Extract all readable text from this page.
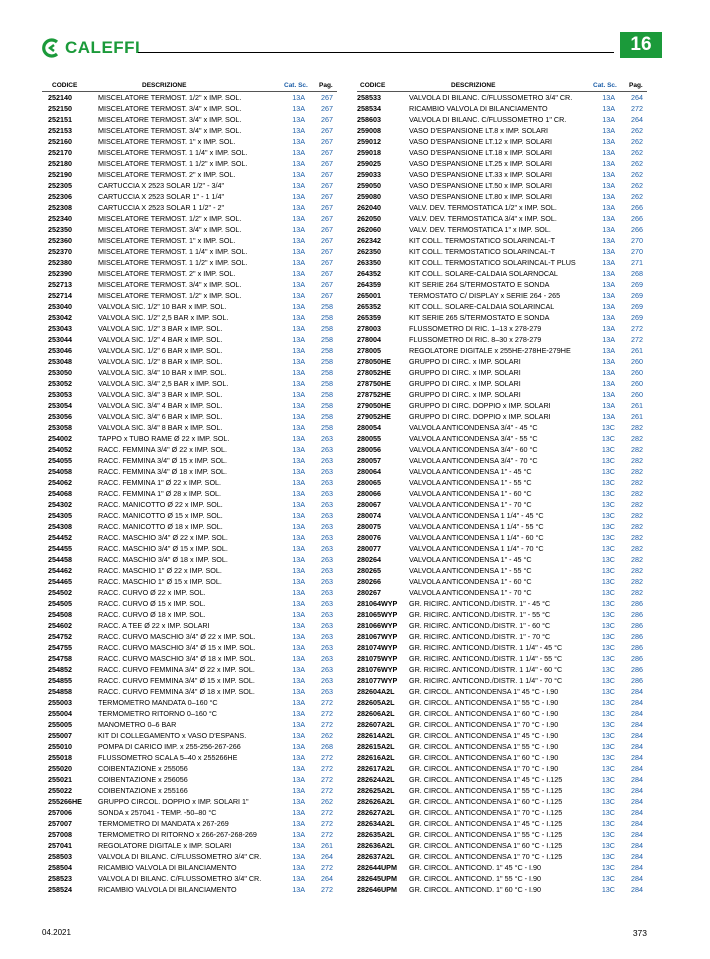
CALEFFI	16
CODICE	DESCRIZIONE	Cat. Sc. Pag.
252140	MISCELATORE TERMOST. 1/2" x IMP. SOL.	13A 267
252150	MISCELATORE TERMOST. 3/4" x IMP. SOL.	13A 267
252151	MISCELATORE TERMOST. 3/4" x IMP. SOL.	13A 267
252153	MISCELATORE TERMOST. 3/4" x IMP. SOL.	13A 267
252160	MISCELATORE TERMOST. 1" x IMP. SOL.	13A 267
252170	MISCELATORE TERMOST. 1 1/4" x IMP. SOL.	13A 267
252180	MISCELATORE TERMOST. 1 1/2" x IMP. SOL.	13A 267
252190	MISCELATORE TERMOST. 2" x IMP. SOL.	13A 267
252305	CARTUCCIA X 2523 SOLAR 1/2" - 3/4"	13A 267
252306	CARTUCCIA X 2523 SOLAR 1" - 1 1/4"	13A 267
252308	CARTUCCIA X 2523 SOLAR 1 1/2" - 2"	13A 267
252340	MISCELATORE TERMOST. 1/2" x IMP. SOL.	13A 267
252350	MISCELATORE TERMOST. 3/4" x IMP. SOL.	13A 267
252360	MISCELATORE TERMOST. 1" x IMP. SOL.	13A 267
252370	MISCELATORE TERMOST. 1 1/4" x IMP. SOL.	13A 267
252380	MISCELATORE TERMOST. 1 1/2" x IMP. SOL.	13A 267
252390	MISCELATORE TERMOST. 2" x IMP. SOL.	13A 267
252713	MISCELATORE TERMOST. 3/4" x IMP. SOL.	13A 267
252714	MISCELATORE TERMOST. 1/2" x IMP. SOL.	13A 267
253040	VALVOLA SIC. 1/2" 10 BAR x IMP. SOL.	13A 258
253042	VALVOLA SIC. 1/2" 2,5 BAR x IMP. SOL.	13A 258
253043	VALVOLA SIC. 1/2" 3 BAR x IMP. SOL.	13A 258
253044	VALVOLA SIC. 1/2" 4 BAR x IMP. SOL.	13A 258
253046	VALVOLA SIC. 1/2" 6 BAR x IMP. SOL.	13A 258
253048	VALVOLA SIC. 1/2" 8 BAR x IMP. SOL.	13A 258
253050	VALVOLA SIC. 3/4" 10 BAR x IMP. SOL.	13A 258
253052	VALVOLA SIC. 3/4" 2,5 BAR x IMP. SOL.	13A 258
253053	VALVOLA SIC. 3/4" 3 BAR x IMP. SOL.	13A 258
253054	VALVOLA SIC. 3/4" 4 BAR x IMP. SOL.	13A 258
253056	VALVOLA SIC. 3/4" 6 BAR x IMP. SOL.	13A 258
253058	VALVOLA SIC. 3/4" 8 BAR x IMP. SOL.	13A 258
254002	TAPPO x TUBO RAME Ø 22 x IMP. SOL.	13A 263
254052	RACC. FEMMINA 3/4" Ø 22 x IMP. SOL.	13A 263
254055	RACC. FEMMINA 3/4" Ø 15 x IMP. SOL.	13A 263
254058	RACC. FEMMINA 3/4" Ø 18 x IMP. SOL.	13A 263
254062	RACC. FEMMINA 1" Ø 22 x IMP. SOL.	13A 263
254068	RACC. FEMMINA 1" Ø 28 x IMP. SOL.	13A 263
254302	RACC. MANICOTTO Ø 22 x IMP. SOL.	13A 263
254305	RACC. MANICOTTO Ø 15 x IMP. SOL.	13A 263
254308	RACC. MANICOTTO Ø 18 x IMP. SOL.	13A 263
254452	RACC. MASCHIO 3/4" Ø 22 x IMP. SOL.	13A 263
254455	RACC. MASCHIO 3/4" Ø 15 x IMP. SOL.	13A 263
254458	RACC. MASCHIO 3/4" Ø 18 x IMP. SOL.	13A 263
254462	RACC. MASCHIO 1" Ø 22 x IMP. SOL.	13A 263
254465	RACC. MASCHIO 1" Ø 15 x IMP. SOL.	13A 263
254502	RACC. CURVO Ø 22 x IMP. SOL.	13A 263
254505	RACC. CURVO Ø 15 x IMP. SOL.	13A 263
254508	RACC. CURVO Ø 18 x IMP. SOL.	13A 263
254602	RACC. A TEE Ø 22 x IMP. SOLARI	13A 263
254752	RACC. CURVO MASCHIO 3/4" Ø 22 x IMP. SOL.	13A 263
254755	RACC. CURVO MASCHIO 3/4" Ø 15 x IMP. SOL.	13A 263
254758	RACC. CURVO MASCHIO 3/4" Ø 18 x IMP. SOL.	13A 263
254852	RACC. CURVO FEMMINA 3/4" Ø 22 x IMP. SOL.	13A 263
254855	RACC. CURVO FEMMINA 3/4" Ø 15 x IMP. SOL.	13A 263
254858	RACC. CURVO FEMMINA 3/4" Ø 18 x IMP. SOL.	13A 263
255003	TERMOMETRO MANDATA 0–160 °C	13A 272
255004	TERMOMETRO RITORNO 0–160 °C	13A 272
255005	MANOMETRO 0–6 BAR	13A 272
255007	KIT DI COLLEGAMENTO x VASO D'ESPANS.	13A 262
255010	POMPA DI CARICO IMP. x 255-256-267-266	13A 268
255018	FLUSSOMETRO SCALA 5–40 x 255266HE	13A 272
255020	COIBENTAZIONE x 255056	13A 272
255021	COIBENTAZIONE x 256056	13A 272
255022	COIBENTAZIONE x 255166	13A 272
255266HE GRUPPO CIRCOL. DOPPIO x IMP. SOLARI 1"	13A 262
257006	SONDA x 257041 - TEMP. -50–80 °C	13A 272
257007	TERMOMETRO DI MANDATA x 267-269	13A 272
257008	TERMOMETRO DI RITORNO x 266-267-268-269	13A 272
257041	REGOLATORE DIGITALE x IMP. SOLARI	13A 261
258503	VALVOLA DI BILANC. C/FLUSSOMETRO 3/4" CR.	13A 264
258504	RICAMBIO VALVOLA DI BILANCIAMENTO	13A 272
258523	VALVOLA DI BILANC. C/FLUSSOMETRO 3/4" CR.	13A 264
258524	RICAMBIO VALVOLA DI BILANCIAMENTO	13A 272
CODICE	DESCRIZIONE	Cat. Sc. Pag.
258533	VALVOLA DI BILANC. C/FLUSSOMETRO 3/4" CR.	13A 264
258534	RICAMBIO VALVOLA DI BILANCIAMENTO	13A 272
258603	VALVOLA DI BILANC. C/FLUSSOMETRO 1" CR.	13A 264
259008	VASO D'ESPANSIONE LT.8 x IMP. SOLARI	13A 262
259012	VASO D'ESPANSIONE LT.12 x IMP. SOLARI	13A 262
259018	VASO D'ESPANSIONE LT.18 x IMP. SOLARI	13A 262
259025	VASO D'ESPANSIONE LT.25 x IMP. SOLARI	13A 262
259033	VASO D'ESPANSIONE LT.33 x IMP. SOLARI	13A 262
259050	VASO D'ESPANSIONE LT.50 x IMP. SOLARI	13A 262
259080	VASO D'ESPANSIONE LT.80 x IMP. SOLARI	13A 262
262040	VALV. DEV. TERMOSTATICA 1/2" x IMP. SOL.	13A 266
262050	VALV. DEV. TERMOSTATICA 3/4" x IMP. SOL.	13A 266
262060	VALV. DEV. TERMOSTATICA 1" x IMP. SOL.	13A 266
262342	KIT COLL. TERMOSTATICO SOLARINCAL-T	13A 270
262350	KIT COLL. TERMOSTATICO SOLARINCAL-T	13A 270
263350	KIT COLL. TERMOSTATICO SOLARINCAL-T PLUS	13A 271
264352	KIT COLL. SOLARE-CALDAIA SOLARNOCAL	13A 268
264359	KIT SERIE 264 S/TERMOSTATO E SONDA	13A 269
265001	TERMOSTATO C/ DISPLAY x SERIE 264 - 265	13A 269
265352	KIT COLL. SOLARE-CALDAIA SOLARINCAL	13A 269
265359	KIT SERIE 265 S/TERMOSTATO E SONDA	13A 269
278003	FLUSSOMETRO DI RIC. 1–13 x 278-279	13A 272
278004	FLUSSOMETRO DI RIC. 8–30 x 278-279	13A 272
278005	REGOLATORE DIGITALE x 255HE-278HE-279HE	13A 261
278050HE	GRUPPO DI CIRC. x IMP. SOLARI	13A 260
278052HE	GRUPPO DI CIRC. x IMP. SOLARI	13A 260
278750HE	GRUPPO DI CIRC. x IMP. SOLARI	13A 260
278752HE	GRUPPO DI CIRC. x IMP. SOLARI	13A 260
279050HE	GRUPPO DI CIRC. DOPPIO x IMP. SOLARI	13A 261
279052HE	GRUPPO DI CIRC. DOPPIO x IMP. SOLARI	13A 261
280054	VALVOLA ANTICONDENSA 3/4" - 45 °C	13C 282
280055	VALVOLA ANTICONDENSA 3/4" - 55 °C	13C 282
280056	VALVOLA ANTICONDENSA 3/4" - 60 °C	13C 282
280057	VALVOLA ANTICONDENSA 3/4" - 70 °C	13C 282
280064	VALVOLA ANTICONDENSA 1" - 45 °C	13C 282
280065	VALVOLA ANTICONDENSA 1" - 55 °C	13C 282
280066	VALVOLA ANTICONDENSA 1" - 60 °C	13C 282
280067	VALVOLA ANTICONDENSA 1" - 70 °C	13C 282
280074	VALVOLA ANTICONDENSA 1 1/4" - 45 °C	13C 282
280075	VALVOLA ANTICONDENSA 1 1/4" - 55 °C	13C 282
280076	VALVOLA ANTICONDENSA 1 1/4" - 60 °C	13C 282
280077	VALVOLA ANTICONDENSA 1 1/4" - 70 °C	13C 282
280264	VALVOLA ANTICONDENSA 1" - 45 °C	13C 282
280265	VALVOLA ANTICONDENSA 1" - 55 °C	13C 282
280266	VALVOLA ANTICONDENSA 1" - 60 °C	13C 282
280267	VALVOLA ANTICONDENSA 1" - 70 °C	13C 282
281064WYP GR. RICIRC. ANTICOND./DISTR. 1" - 45 °C	13C 286
281065WYP GR. RICIRC. ANTICOND./DISTR. 1" - 55 °C	13C 286
281066WYP GR. RICIRC. ANTICOND./DISTR. 1" - 60 °C	13C 286
281067WYP GR. RICIRC. ANTICOND./DISTR. 1" - 70 °C	13C 286
281074WYP GR. RICIRC. ANTICOND./DISTR. 1 1/4" - 45 °C	13C 286
281075WYP GR. RICIRC. ANTICOND./DISTR. 1 1/4" - 55 °C	13C 286
281076WYP GR. RICIRC. ANTICOND./DISTR. 1 1/4" - 60 °C	13C 286
281077WYP GR. RICIRC. ANTICOND./DISTR. 1 1/4" - 70 °C	13C 286
282604A2L GR. CIRCOL. ANTICONDENSA 1" 45 °C - I.90	13C 284
282605A2L GR. CIRCOL. ANTICONDENSA 1" 55 °C - I.90	13C 284
282606A2L GR. CIRCOL. ANTICONDENSA 1" 60 °C - I.90	13C 284
282607A2L GR. CIRCOL. ANTICONDENSA 1" 70 °C - I.90	13C 284
282614A2L GR. CIRCOL. ANTICONDENSA 1" 45 °C - I.90	13C 284
282615A2L GR. CIRCOL. ANTICONDENSA 1" 55 °C - I.90	13C 284
282616A2L GR. CIRCOL. ANTICONDENSA 1" 60 °C - I.90	13C 284
282617A2L GR. CIRCOL. ANTICONDENSA 1" 70 °C - I.90	13C 284
282624A2L GR. CIRCOL. ANTICONDENSA 1" 45 °C - I.125	13C 284
282625A2L GR. CIRCOL. ANTICONDENSA 1" 55 °C - I.125	13C 284
282626A2L GR. CIRCOL. ANTICONDENSA 1" 60 °C - I.125	13C 284
282627A2L GR. CIRCOL. ANTICONDENSA 1" 70 °C - I.125	13C 284
282634A2L GR. CIRCOL. ANTICONDENSA 1" 45 °C - I.125	13C 284
282635A2L GR. CIRCOL. ANTICONDENSA 1" 55 °C - I.125	13C 284
282636A2L GR. CIRCOL. ANTICONDENSA 1" 60 °C - I.125	13C 284
282637A2L GR. CIRCOL. ANTICONDENSA 1" 70 °C - I.125	13C 284
282644UPM GR. CIRCOL. ANTICOND. 1" 45 °C - I.90	13C 284
282645UPM GR. CIRCOL. ANTICOND. 1" 55 °C - I.90	13C 284
282646UPM GR. CIRCOL. ANTICOND. 1" 60 °C - I.90	13C 284
04.2021	373
